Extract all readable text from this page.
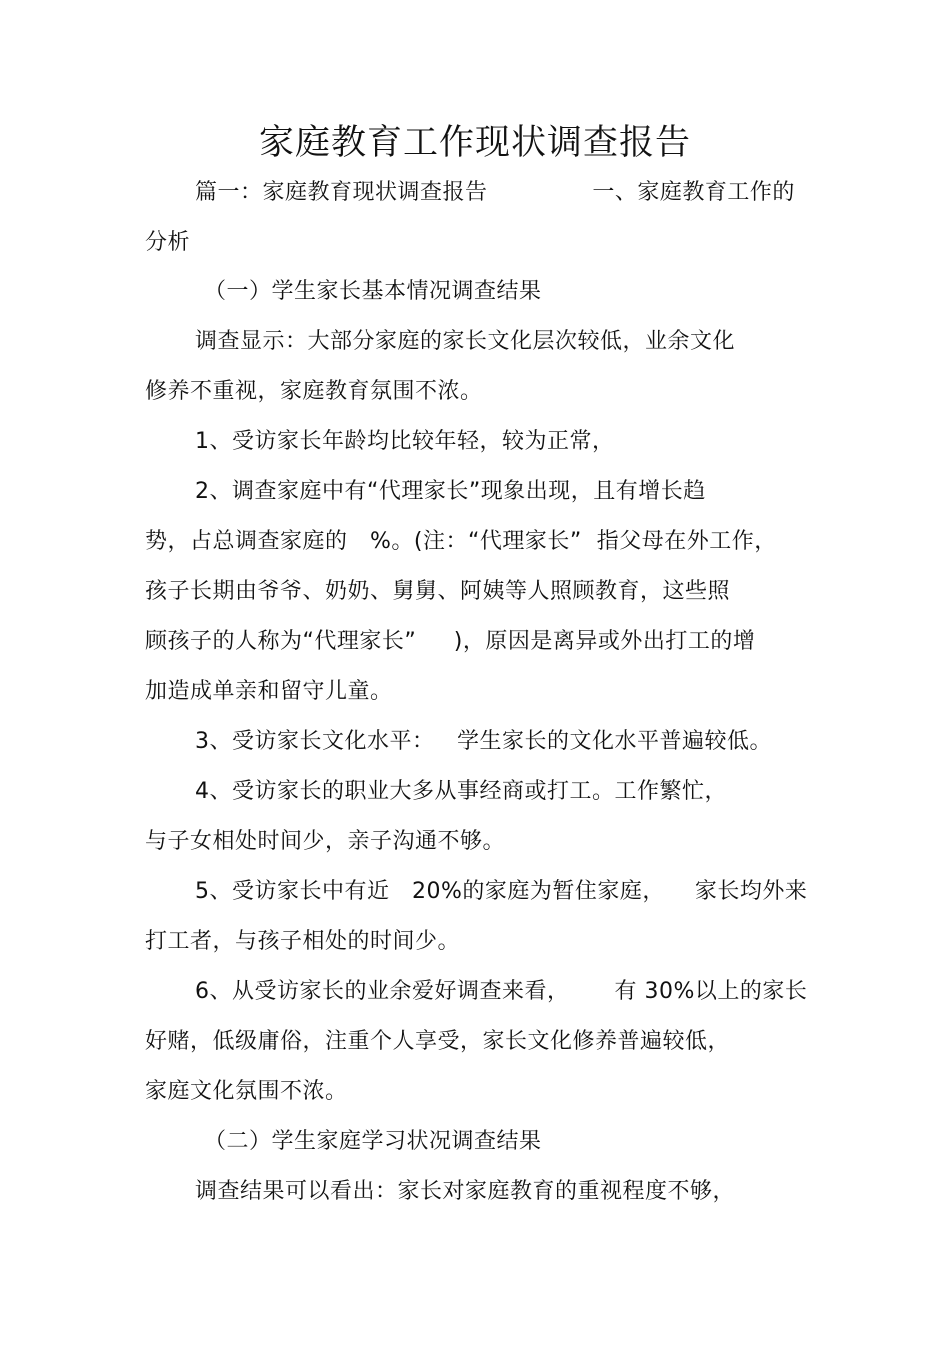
家庭教育工作现状调查报告
篇一：家庭教育现状调查报告              一、家庭教育工作的
分析
（一）学生家长基本情况调查结果
调查显示：大部分家庭的家长文化层次较低，业余文化
修养不重视，家庭教育氛围不浓。
1、受访家长年龄均比较年轻，较为正常，
2、调查家庭中有“代理家长”现象出现，且有增长趋
势，占总调查家庭的   %。(注：“代理家长”  指父母在外工作，
孩子长期由爷爷、奶奶、舅舅、阿姨等人照顾教育，这些照
顾孩子的人称为“代理家长”     )，原因是离异或外出打工的增
加造成单亲和留守儿童。
3、受访家长文化水平：   学生家长的文化水平普遍较低。
4、受访家长的职业大多从事经商或打工。工作繁忙，
与子女相处时间少，亲子沟通不够。
5、受访家长中有近   20%的家庭为暂住家庭，    家长均外来
打工者，与孩子相处的时间少。
6、从受访家长的业余爱好调查来看，      有 30%以上的家长
好赌，低级庸俗，注重个人享受，家长文化修养普遍较低，
家庭文化氛围不浓。
（二）学生家庭学习状况调查结果
调查结果可以看出：家长对家庭教育的重视程度不够，
